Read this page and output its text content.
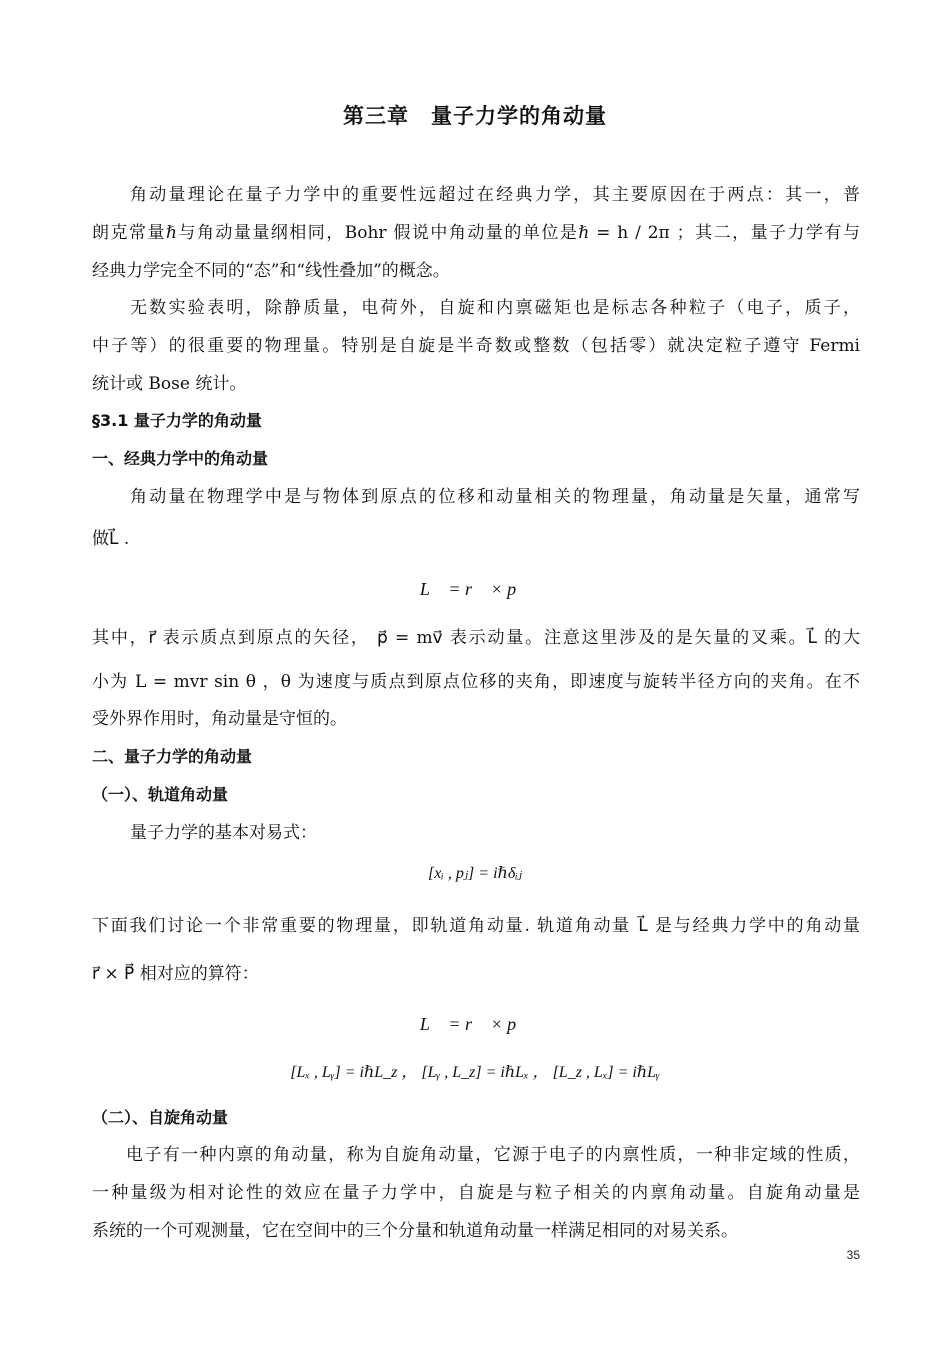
第三章 量子力学的角动量
角动量理论在量子力学中的重要性远超过在经典力学，其主要原因在于两点：其一，普
朗克常量ℏ与角动量量纲相同，Bohr 假说中角动量的单位是ℏ = h / 2π ；其二，量子力学有与
经典力学完全不同的“态”和“线性叠加”的概念。
无数实验表明，除静质量，电荷外，自旋和内禀磁矩也是标志各种粒子（电子，质子，
中子等）的很重要的物理量。特别是自旋是半奇数或整数（包括零）就决定粒子遵守 Fermi
统计或 Bose 统计。
§3.1 量子力学的角动量
一、经典力学中的角动量
角动量在物理学中是与物体到原点的位移和动量相关的物理量，角动量是矢量，通常写
做L⃗ .
L⃗ = r⃗ × p⃗
其中，r⃗ 表示质点到原点的矢径， p⃗ = mv⃗ 表示动量。注意这里涉及的是矢量的叉乘。L⃗ 的大
小为 L = mvr sin θ ，θ 为速度与质点到原点位移的夹角，即速度与旋转半径方向的夹角。在不
受外界作用时，角动量是守恒的。
二、量子力学的角动量
（一）、轨道角动量
量子力学的基本对易式：
[xᵢ , pⱼ] = iℏδᵢⱼ
下面我们讨论一个非常重要的物理量，即轨道角动量. 轨道角动量 L⃗ 是与经典力学中的角动量
r⃗ × P⃗ 相对应的算符：
L⃗ = r⃗ × p⃗
[Lₓ , Lᵧ] = iℏL_z ， [Lᵧ , L_z] = iℏLₓ ， [L_z , Lₓ] = iℏLᵧ
（二）、自旋角动量
电子有一种内禀的角动量，称为自旋角动量，它源于电子的内禀性质，一种非定域的性质，
一种量级为相对论性的效应在量子力学中，自旋是与粒子相关的内禀角动量。自旋角动量是
系统的一个可观测量，它在空间中的三个分量和轨道角动量一样满足相同的对易关系。
35
